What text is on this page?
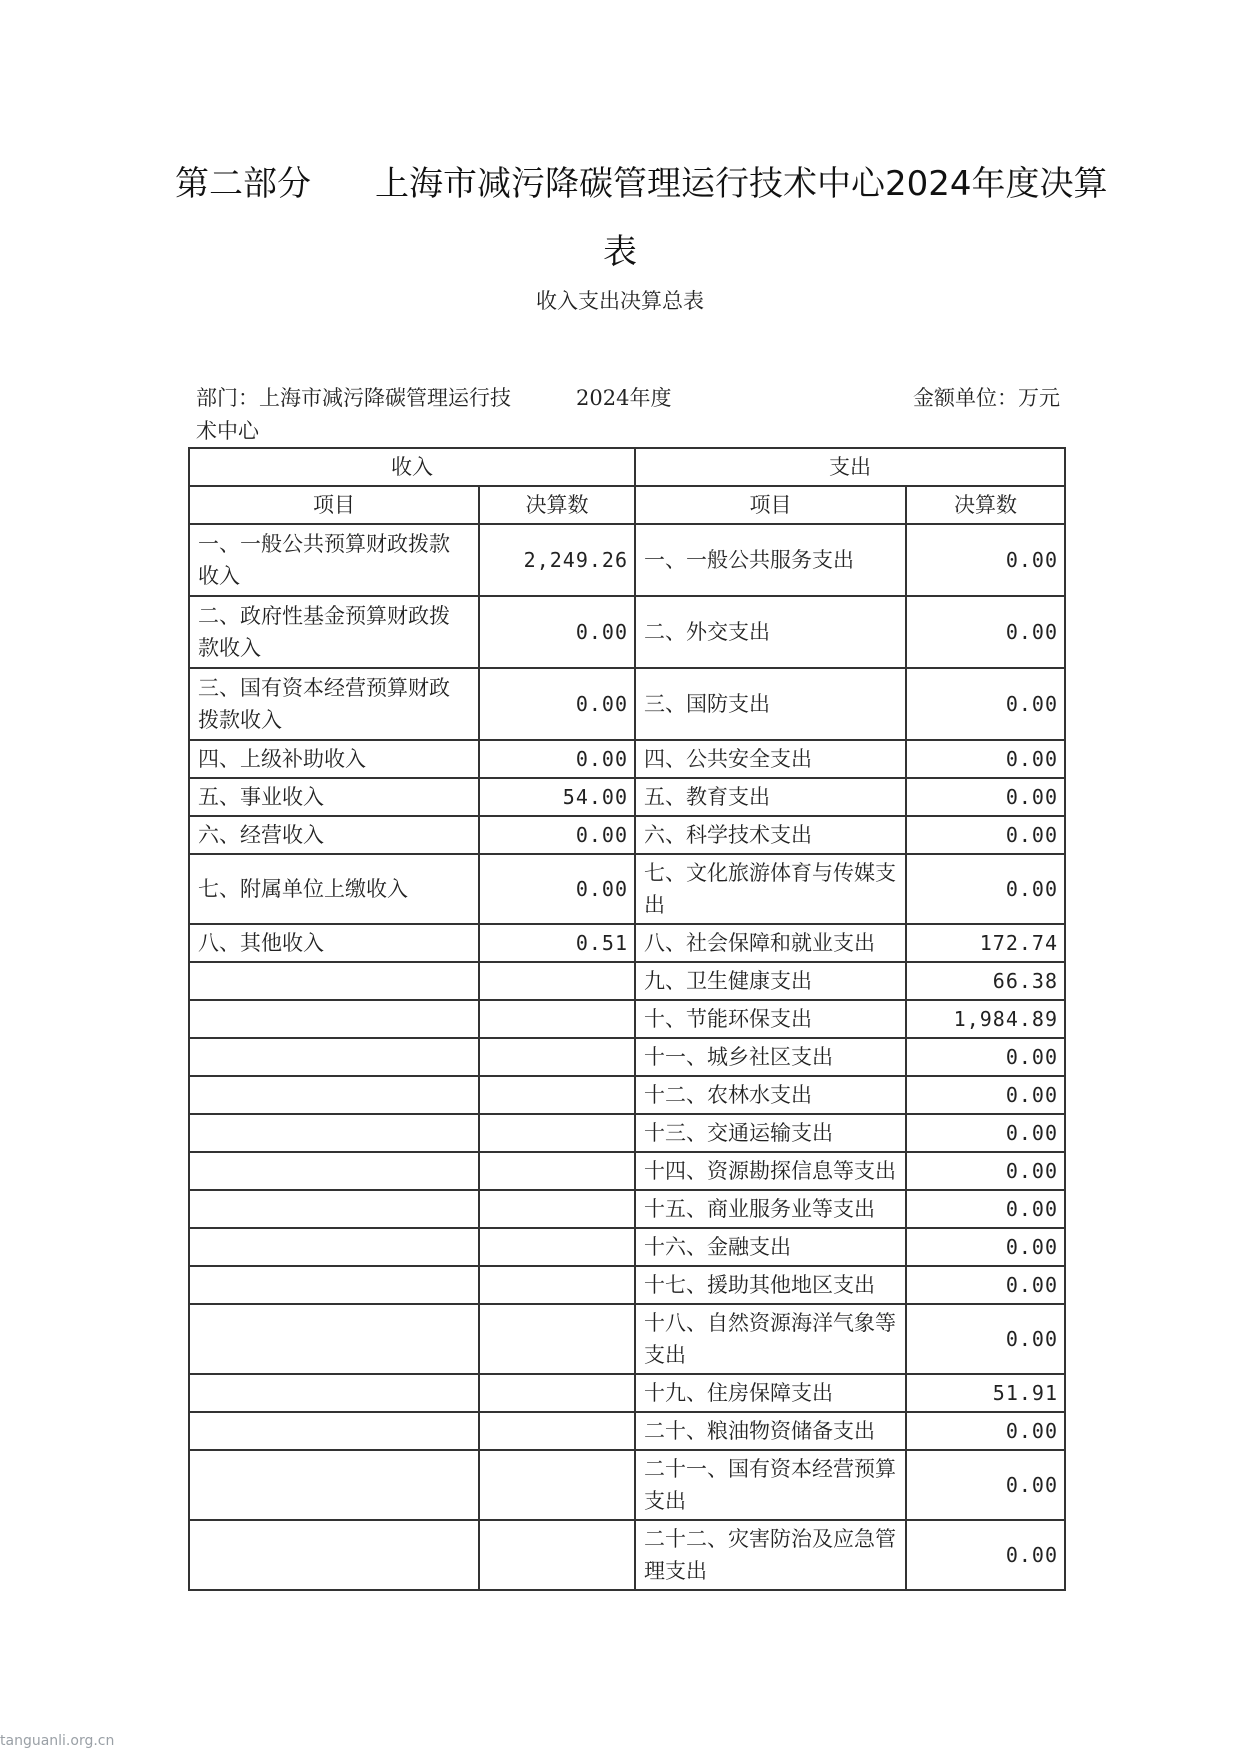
第二部分 上海市减污降碳管理运行技术中心2024年度决算
表
收入支出决算总表
部门：上海市减污降碳管理运行技术中心
2024年度	金额单位：万元
收入		支出	
项目	决算数	项目	决算数
一、一般公共预算财政拨款收入	2,249.26	一、一般公共服务支出	0.00
二、政府性基金预算财政拨款收入	0.00	二、外交支出	0.00
三、国有资本经营预算财政拨款收入	0.00	三、国防支出	0.00
四、上级补助收入	0.00	四、公共安全支出	0.00
五、事业收入	54.00	五、教育支出	0.00
六、经营收入	0.00	六、科学技术支出	0.00
七、附属单位上缴收入	0.00	七、文化旅游体育与传媒支出	0.00
八、其他收入	0.51	八、社会保障和就业支出	172.74
		九、卫生健康支出	66.38
		十、节能环保支出	1,984.89
		十一、城乡社区支出	0.00
		十二、农林水支出	0.00
		十三、交通运输支出	0.00
		十四、资源勘探信息等支出	0.00
		十五、商业服务业等支出	0.00
		十六、金融支出	0.00
		十七、援助其他地区支出	0.00
		十八、自然资源海洋气象等支出	0.00
		十九、住房保障支出	51.91
		二十、粮油物资储备支出	0.00
		二十一、国有资本经营预算支出	0.00
		二十二、灾害防治及应急管理支出	0.00
tanguanli.org.cn
